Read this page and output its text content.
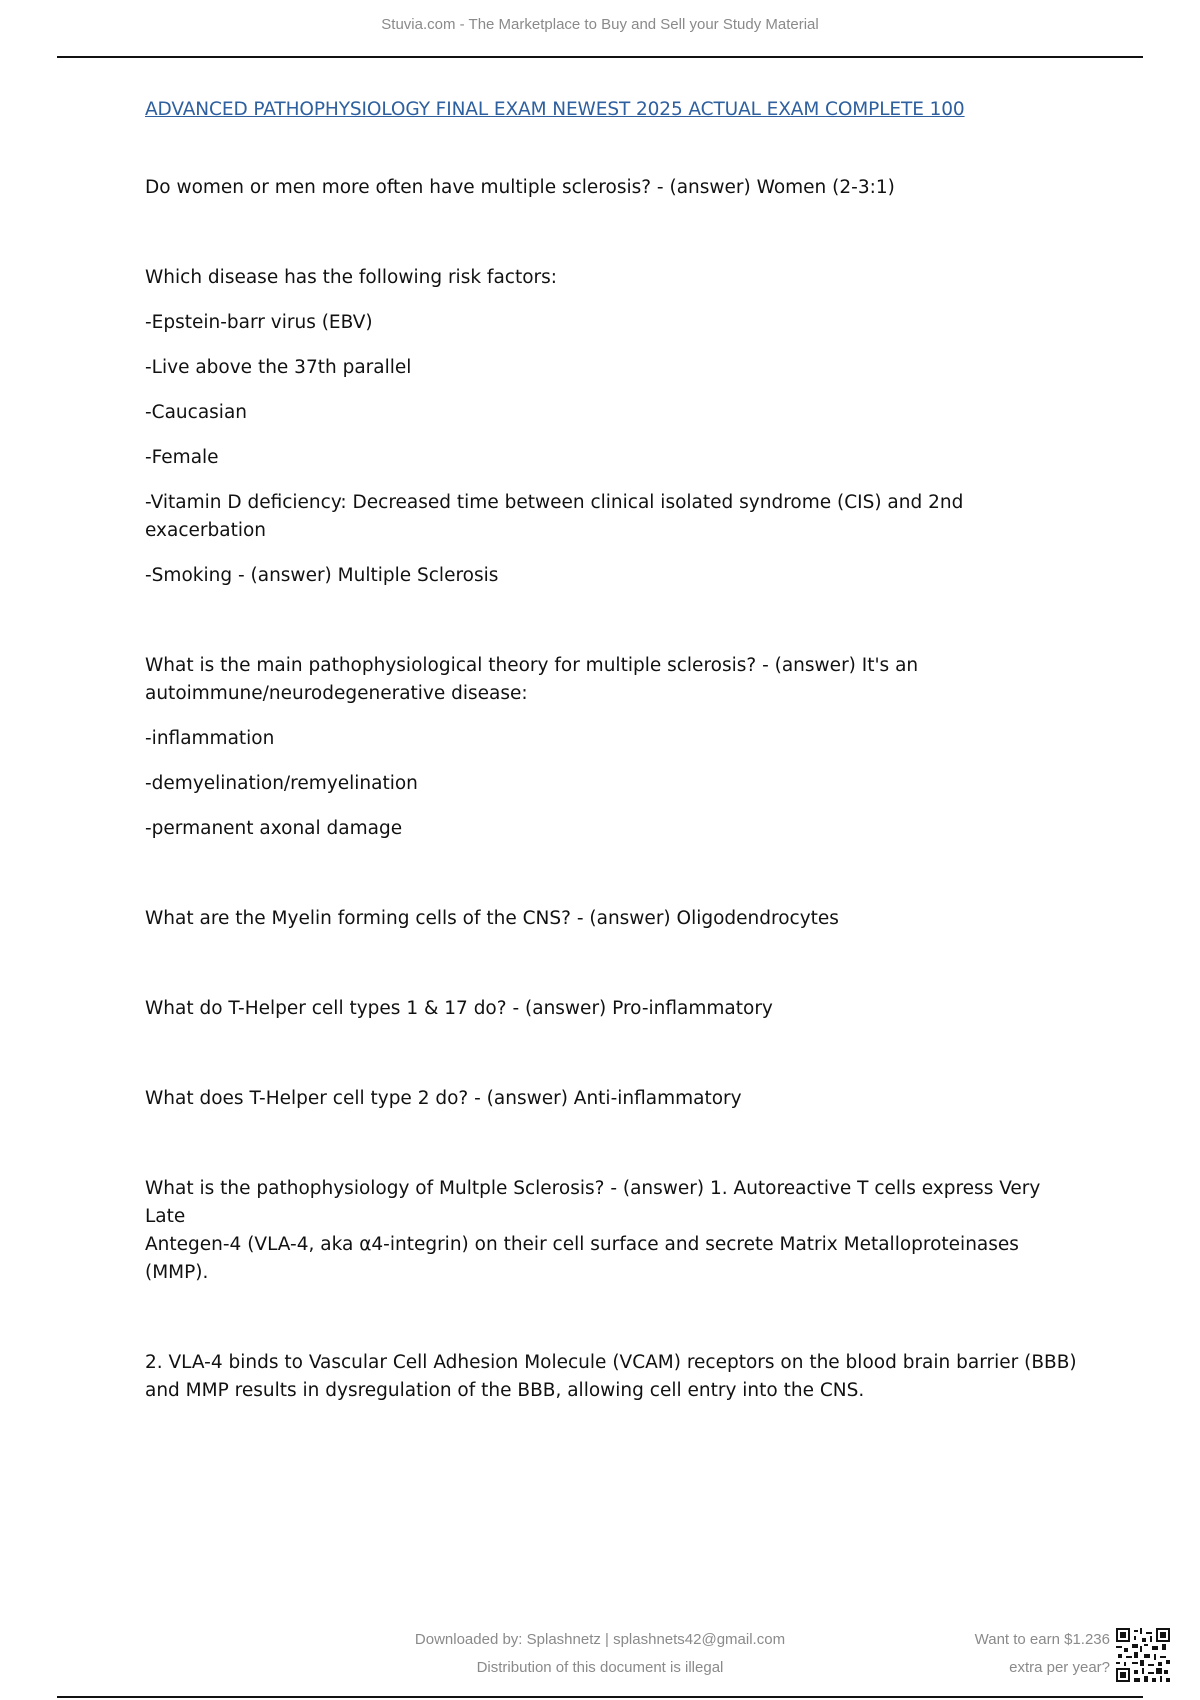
Stuvia.com - The Marketplace to Buy and Sell your Study Material
ADVANCED PATHOPHYSIOLOGY FINAL EXAM NEWEST 2025 ACTUAL EXAM COMPLETE 100

Do women or men more often have multiple sclerosis? - (answer) Women (2-3:1)

Which disease has the following risk factors:

-Epstein-barr virus (EBV)

-Live above the 37th parallel

-Caucasian

-Female

-Vitamin D deficiency: Decreased time between clinical isolated syndrome (CIS) and 2nd exacerbation

-Smoking - (answer) Multiple Sclerosis

What is the main pathophysiological theory for multiple sclerosis? - (answer) It's an

autoimmune/neurodegenerative disease:

-inflammation

-demyelination/remyelination

-permanent axonal damage

What are the Myelin forming cells of the CNS? - (answer) Oligodendrocytes

What do T-Helper cell types 1 & 17 do? - (answer) Pro-inflammatory

What does T-Helper cell type 2 do? - (answer) Anti-inflammatory

What is the pathophysiology of Multple Sclerosis? - (answer) 1. Autoreactive T cells express Very Late

Antegen-4 (VLA-4, aka α4-integrin) on their cell surface and secrete Matrix Metalloproteinases (MMP).

2. VLA-4 binds to Vascular Cell Adhesion Molecule (VCAM) receptors on the blood brain barrier (BBB)

and MMP results in dysregulation of the BBB, allowing cell entry into the CNS.

Downloaded by: Splashnetz | splashnets42@gmail.com
Distribution of this document is illegal
Want to earn $1.236
extra per year?
